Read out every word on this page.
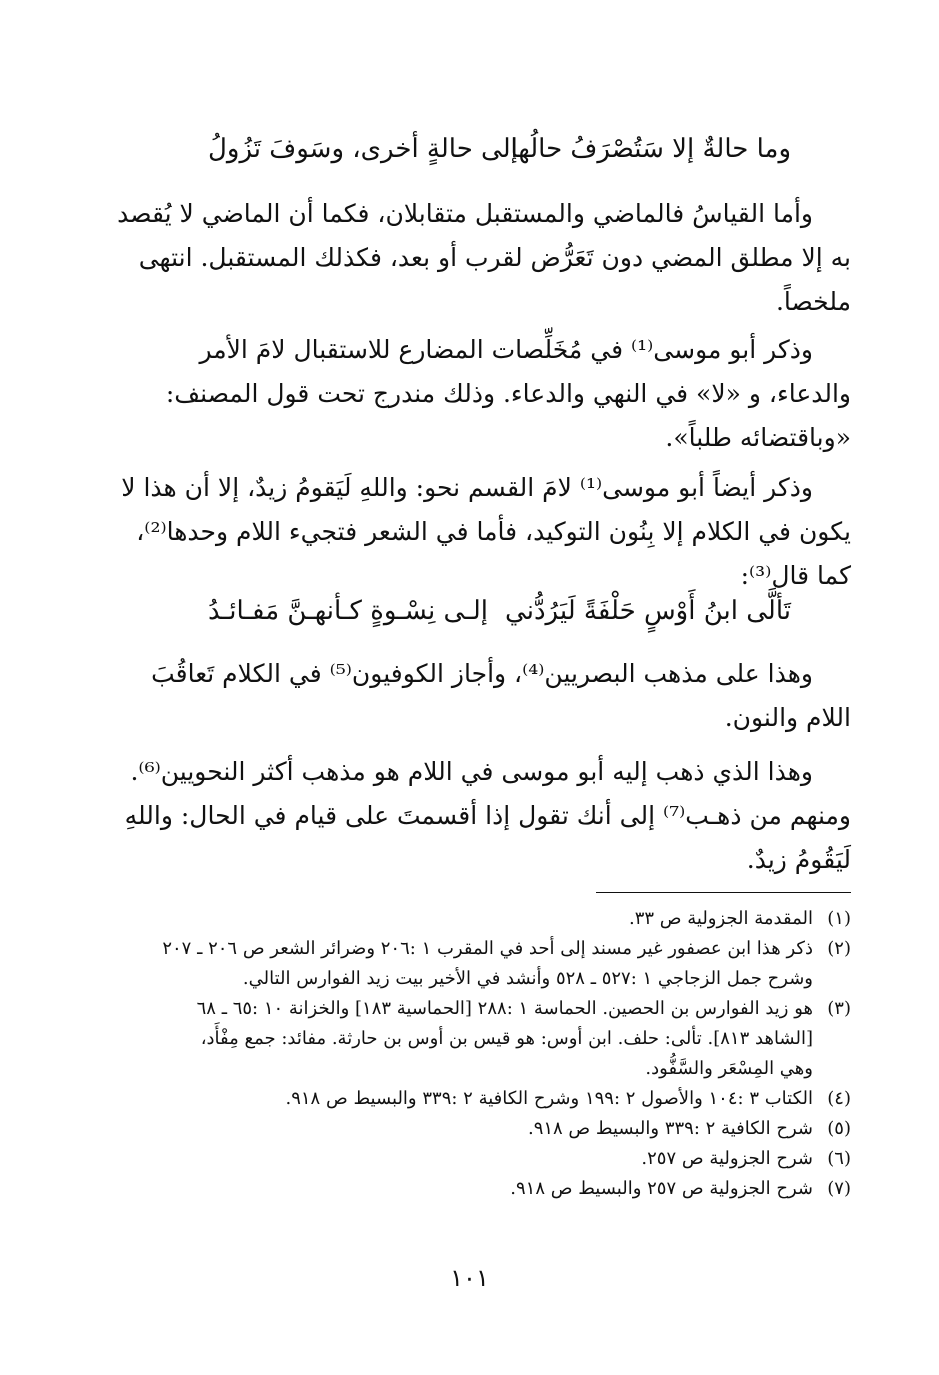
وما حالةٌ إلا سَتُصْرَفُ حالُها
إلى حالةٍ أخرى، وسَوفَ تَزُولُ
وأما القياسُ فالماضي والمستقبل متقابلان، فكما أن الماضي لا يُقصد
به إلا مطلق المضي دون تَعَرُّض لقرب أو بعد، فكذلك المستقبل. انتهى
ملخصاً.
وذكر أبو موسى⁽¹⁾ في مُخَلِّصات المضارع للاستقبال لامَ الأمر
والدعاء، و «لا» في النهي والدعاء. وذلك مندرج تحت قول المصنف:
«وباقتضائه طلباً».
وذكر أيضاً أبو موسى⁽¹⁾ لامَ القسم نحو: واللهِ لَيَقومُ زيدٌ، إلا أن هذا لا
يكون في الكلام إلا بِنُون التوكيد، فأما في الشعر فتجيء اللام وحدها⁽²⁾،
كما قال⁽³⁾:
تَألَّى ابنُ أَوْسٍ حَلْفَةً لَيَرُدُّني
إلـى نِسْـوةٍ كـأنهـنَّ مَفـائـدُ
وهذا على مذهب البصريين⁽⁴⁾، وأجاز الكوفيون⁽⁵⁾ في الكلام تَعاقُبَ
اللام والنون.
وهذا الذي ذهب إليه أبو موسى في اللام هو مذهب أكثر النحويين⁽⁶⁾.
ومنهم من ذهـب⁽⁷⁾ إلى أنك تقول إذا أقسمتَ على قيام في الحال: واللهِ
لَيَقُومُ زيدٌ.
(١)المقدمة الجزولية ص ٣٣.
(٢)ذكر هذا ابن عصفور غير مسند إلى أحد في المقرب ١ :٢٠٦ وضرائر الشعر ص ٢٠٦ ـ ٢٠٧
وشرح جمل الزجاجي ١ :٥٢٧ ـ ٥٢٨ وأنشد في الأخير بيت زيد الفوارس التالي.
(٣)هو زيد الفوارس بن الحصين. الحماسة ١ :٢٨٨ [الحماسية ١٨٣] والخزانة ١٠ :٦٥ ـ ٦٨
[الشاهد ٨١٣]. تألى: حلف. ابن أوس: هو قيس بن أوس بن حارثة. مفائد: جمع مِفْأَد،
وهي المِسْعَر والسَّفُّود.
(٤)الكتاب ٣ :١٠٤ والأصول ٢ :١٩٩ وشرح الكافية ٢ :٣٣٩ والبسيط ص ٩١٨.
(٥)شرح الكافية ٢ :٣٣٩ والبسيط ص ٩١٨.
(٦)شرح الجزولية ص ٢٥٧.
(٧)شرح الجزولية ص ٢٥٧ والبسيط ص ٩١٨.
١٠١
